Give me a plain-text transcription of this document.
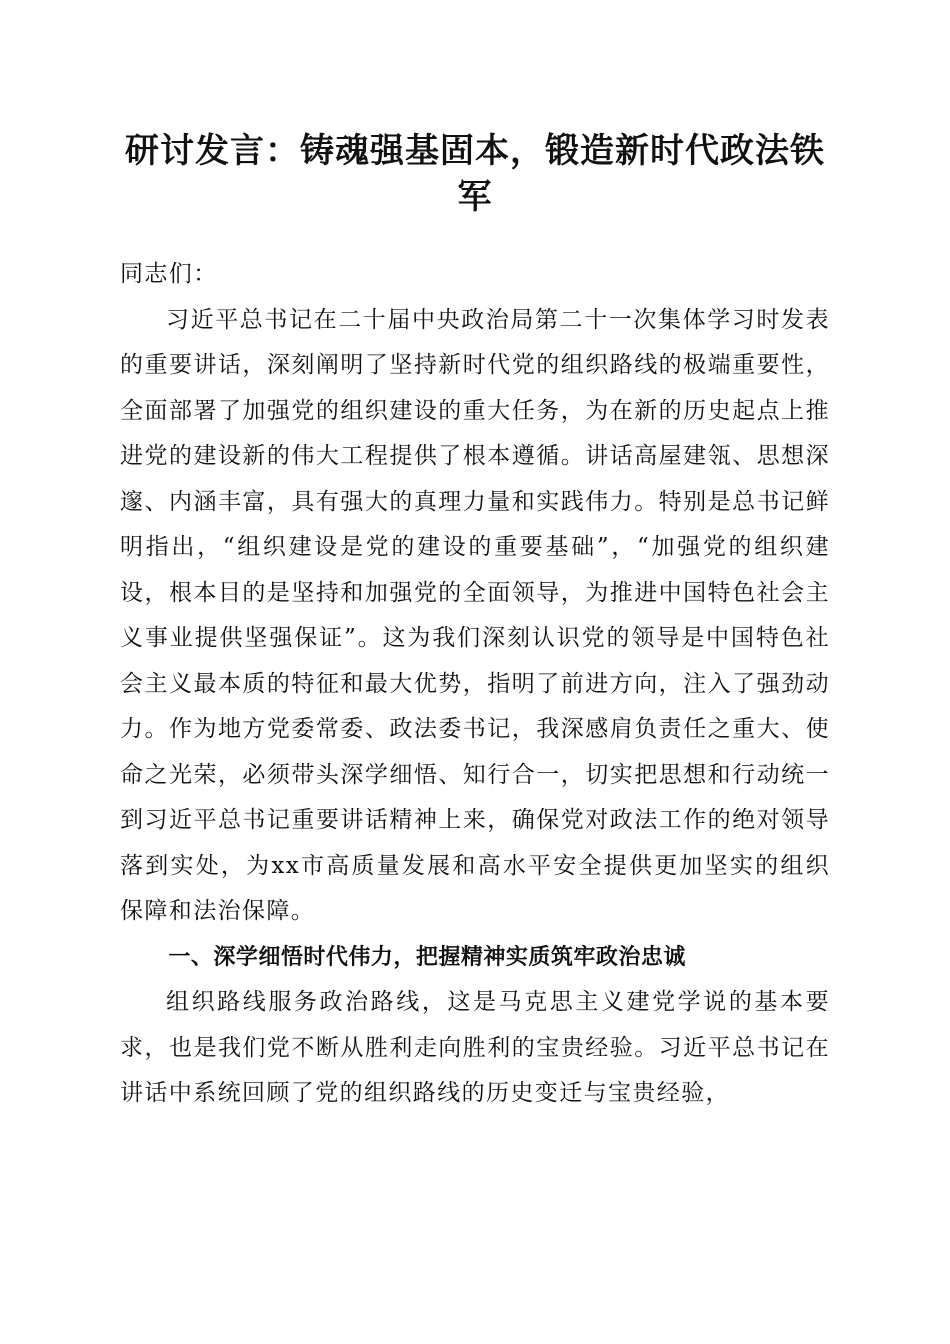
研讨发言：铸魂强基固本，锻造新时代政法铁军

同志们：

习近平总书记在二十届中央政治局第二十一次集体学习时发表的重要讲话，深刻阐明了坚持新时代党的组织路线的极端重要性，全面部署了加强党的组织建设的重大任务，为在新的历史起点上推进党的建设新的伟大工程提供了根本遵循。讲话高屋建瓴、思想深邃、内涵丰富，具有强大的真理力量和实践伟力。特别是总书记鲜明指出，“组织建设是党的建设的重要基础”，“加强党的组织建设，根本目的是坚持和加强党的全面领导，为推进中国特色社会主义事业提供坚强保证”。这为我们深刻认识党的领导是中国特色社会主义最本质的特征和最大优势，指明了前进方向，注入了强劲动力。作为地方党委常委、政法委书记，我深感肩负责任之重大、使命之光荣，必须带头深学细悟、知行合一，切实把思想和行动统一到习近平总书记重要讲话精神上来，确保党对政法工作的绝对领导落到实处，为xx市高质量发展和高水平安全提供更加坚实的组织保障和法治保障。

一、深学细悟时代伟力，把握精神实质筑牢政治忠诚

组织路线服务政治路线，这是马克思主义建党学说的基本要求，也是我们党不断从胜利走向胜利的宝贵经验。习近平总书记在讲话中系统回顾了党的组织路线的历史变迁与宝贵经验，
